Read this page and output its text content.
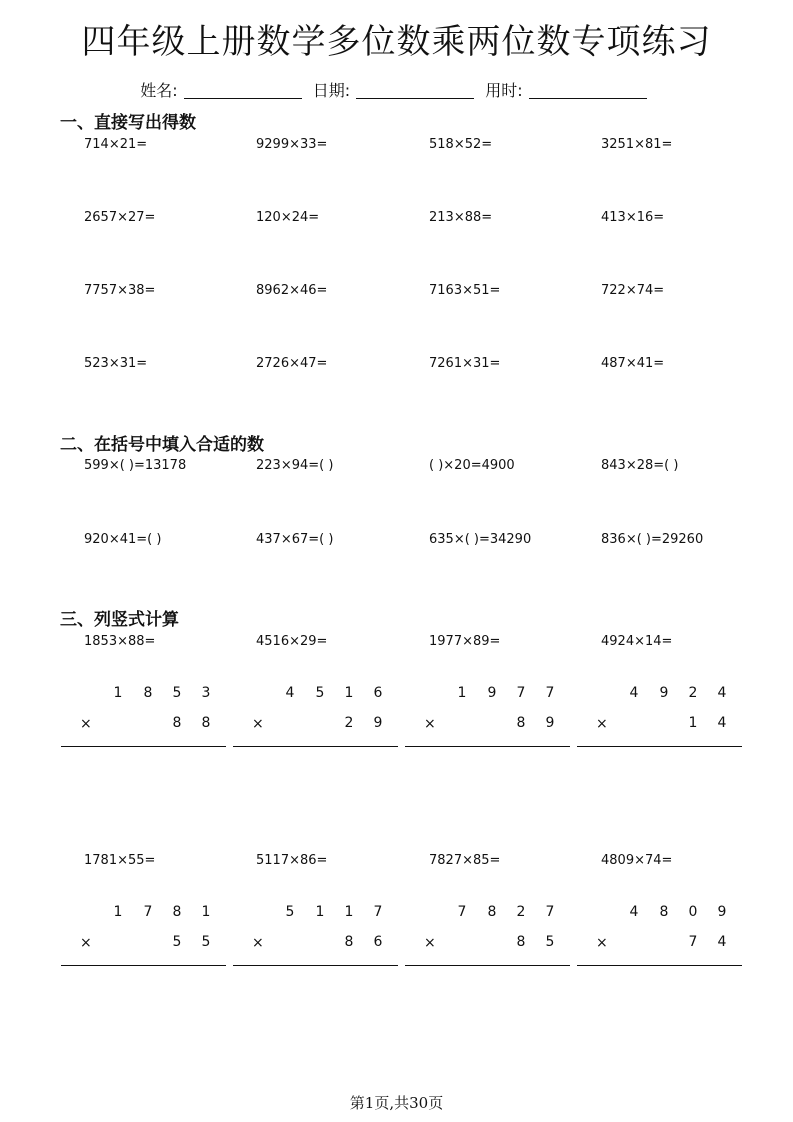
四年级上册数学多位数乘两位数专项练习
姓名:	日期:	用时:
一、直接写出得数
二、在括号中填入合适的数
三、列竖式计算
714×21=	9299×33=	518×52=	3251×81=
2657×27=	120×24=	213×88=	413×16=
7757×38=	8962×46=	7163×51=	722×74=
523×31=	2726×47=	7261×31=	487×41=
599×( )=13178	223×94=( )	( )×20=4900	843×28=( )
920×41=( )	437×67=( )	635×( )=34290	836×( )=29260
1853×88=
1 8 5 3
×	8 8
4516×29=
4 5 1 6
×	2 9
1977×89=
1 9 7 7
×	8 9
4924×14=
4 9 2 4
×	1 4
1781×55=
1 7 8 1
×	5 5
5117×86=
5 1 1 7
×	8 6
7827×85=
7 8 2 7
×	8 5
4809×74=
4 8 0 9
×	7 4
第1页,共30页
